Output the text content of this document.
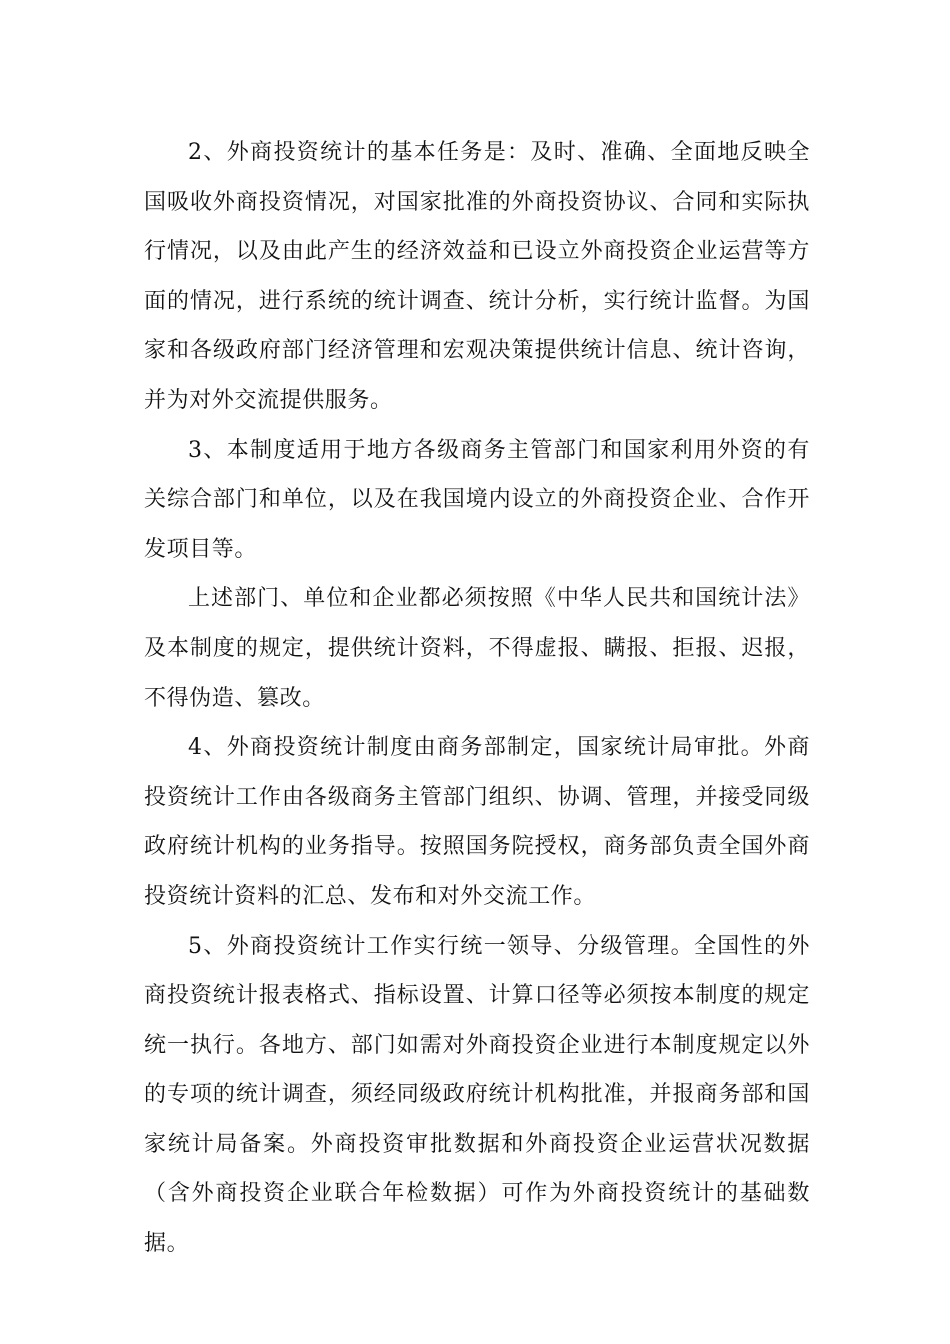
2、外商投资统计的基本任务是：及时、准确、全面地反映全国吸收外商投资情况，对国家批准的外商投资协议、合同和实际执行情况，以及由此产生的经济效益和已设立外商投资企业运营等方面的情况，进行系统的统计调查、统计分析，实行统计监督。为国家和各级政府部门经济管理和宏观决策提供统计信息、统计咨询，并为对外交流提供服务。

3、本制度适用于地方各级商务主管部门和国家利用外资的有关综合部门和单位，以及在我国境内设立的外商投资企业、合作开发项目等。

上述部门、单位和企业都必须按照《中华人民共和国统计法》及本制度的规定，提供统计资料，不得虚报、瞒报、拒报、迟报，不得伪造、篡改。

4、外商投资统计制度由商务部制定，国家统计局审批。外商投资统计工作由各级商务主管部门组织、协调、管理，并接受同级政府统计机构的业务指导。按照国务院授权，商务部负责全国外商投资统计资料的汇总、发布和对外交流工作。

5、外商投资统计工作实行统一领导、分级管理。全国性的外商投资统计报表格式、指标设置、计算口径等必须按本制度的规定统一执行。各地方、部门如需对外商投资企业进行本制度规定以外的专项的统计调查，须经同级政府统计机构批准，并报商务部和国家统计局备案。外商投资审批数据和外商投资企业运营状况数据（含外商投资企业联合年检数据）可作为外商投资统计的基础数据。
